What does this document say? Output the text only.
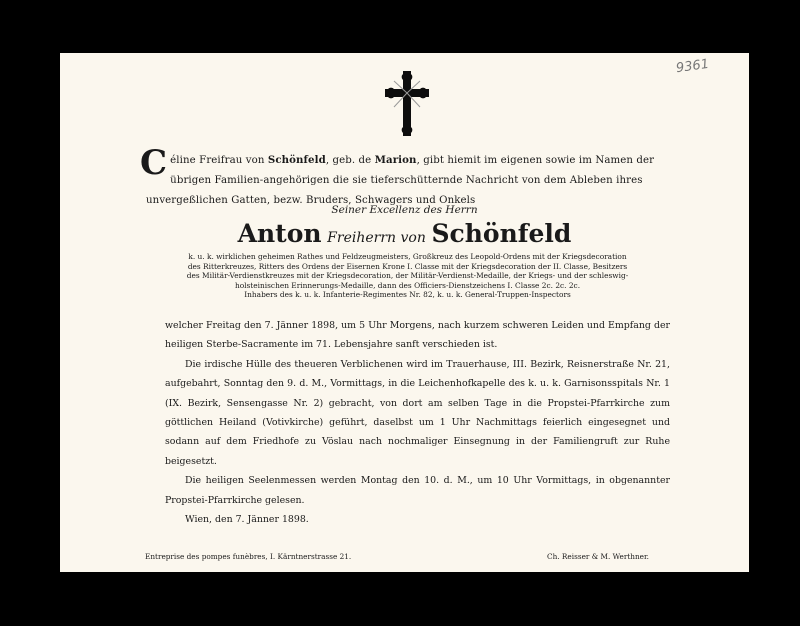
9361
Céline Freifrau von Schönfeld, geb. de Marion, gibt hiemit im eigenen sowie im Namen der übrigen Familien-angehörigen die sie tieferschütternde Nachricht von dem Ableben ihres unvergeßlichen Gatten, bezw. Bruders, Schwagers und Onkels
Seiner Excellenz des Herrn
Anton Freiherrn von Schönfeld
k. u. k. wirklichen geheimen Rathes und Feldzeugmeisters, Großkreuz des Leopold-Ordens mit der Kriegsdecoration
des Ritterkreuzes, Ritters des Ordens der Eisernen Krone I. Classe mit der Kriegsdecoration der II. Classe, Besitzers
des Militär-Verdienstkreuzes mit der Kriegsdecoration, der Militär-Verdienst-Medaille, der Kriegs- und der schleswig-
holsteinischen Erinnerungs-Medaille, dann des Officiers-Dienstzeichens I. Classe 2c. 2c. 2c.
Inhabers des k. u. k. Infanterie-Regimentes Nr. 82, k. u. k. General-Truppen-Inspectors

welcher Freitag den 7. Jänner 1898, um 5 Uhr Morgens, nach kurzem schweren Leiden und Empfang der heiligen Sterbe-Sacramente im 71. Lebensjahre sanft verschieden ist.

Die irdische Hülle des theueren Verblichenen wird im Trauerhause, III. Bezirk, Reisnerstraße Nr. 21, aufgebahrt, Sonntag den 9. d. M., Vormittags, in die Leichenhofkapelle des k. u. k. Garnisonsspitals Nr. 1 (IX. Bezirk, Sensengasse Nr. 2) gebracht, von dort am selben Tage in die Propstei-Pfarrkirche zum göttlichen Heiland (Votivkirche) geführt, daselbst um 1 Uhr Nachmittags feierlich eingesegnet und sodann auf dem Friedhofe zu Vöslau nach nochmaliger Einsegnung in der Familiengruft zur Ruhe beigesetzt.

Die heiligen Seelenmessen werden Montag den 10. d. M., um 10 Uhr Vormittags, in obgenannter Propstei-Pfarrkirche gelesen.

Wien, den 7. Jänner 1898.

Entreprise des pompes funèbres, I. Kärntnerstrasse 21.	Ch. Reisser & M. Werthner.
